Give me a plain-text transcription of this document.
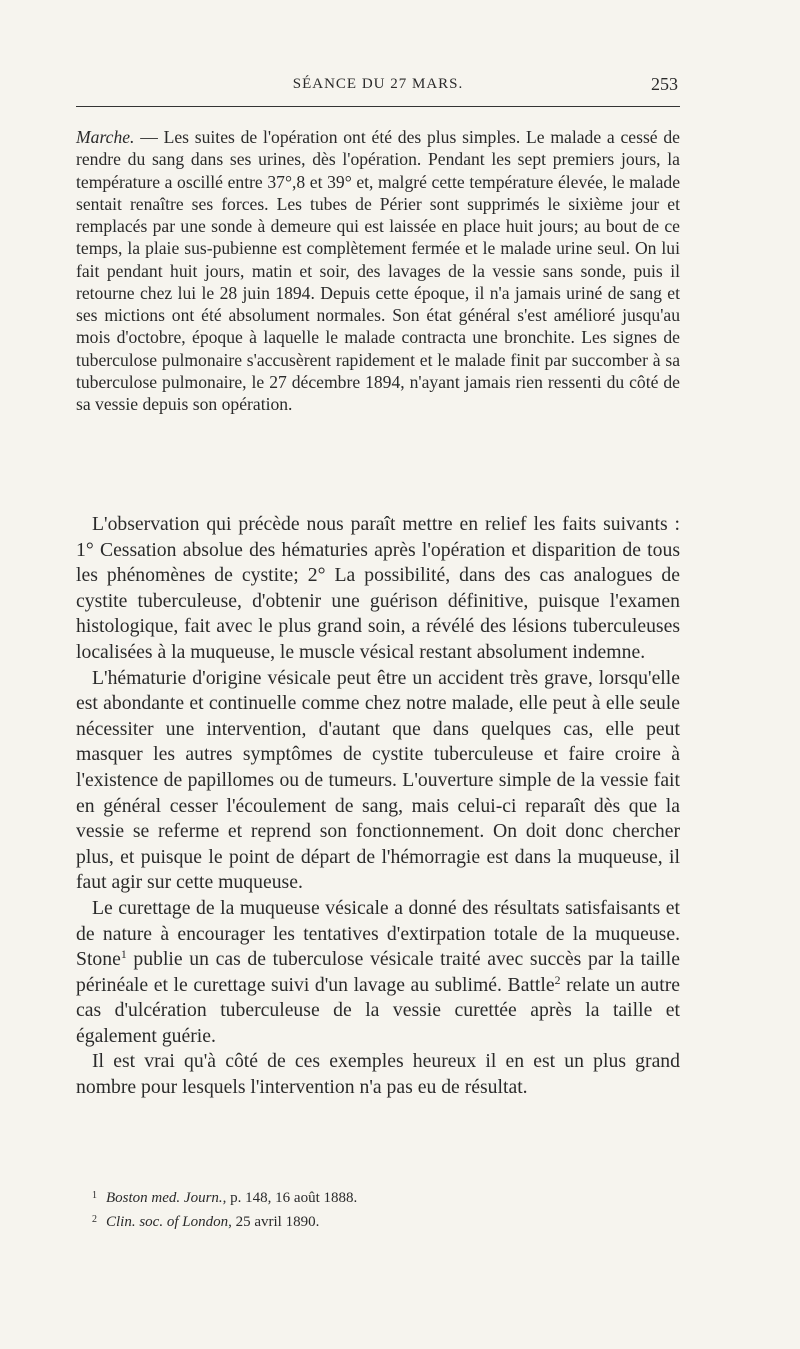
SÉANCE DU 27 MARS.	253

Marche. — Les suites de l'opération ont été des plus simples. Le malade a cessé de rendre du sang dans ses urines, dès l'opération. Pendant les sept premiers jours, la température a oscillé entre 37°,8 et 39° et, malgré cette température élevée, le malade sentait renaître ses forces. Les tubes de Périer sont supprimés le sixième jour et remplacés par une sonde à demeure qui est laissée en place huit jours; au bout de ce temps, la plaie sus-pubienne est complètement fermée et le malade urine seul. On lui fait pendant huit jours, matin et soir, des lavages de la vessie sans sonde, puis il retourne chez lui le 28 juin 1894. Depuis cette époque, il n'a jamais uriné de sang et ses mictions ont été absolument normales. Son état général s'est amélioré jusqu'au mois d'octobre, époque à laquelle le malade contracta une bronchite. Les signes de tuberculose pulmonaire s'accusèrent rapidement et le malade finit par succomber à sa tuberculose pulmonaire, le 27 décembre 1894, n'ayant jamais rien ressenti du côté de sa vessie depuis son opération.

L'observation qui précède nous paraît mettre en relief les faits suivants : 1° Cessation absolue des hématuries après l'opération et disparition de tous les phénomènes de cystite; 2° La possibilité, dans des cas analogues de cystite tuberculeuse, d'obtenir une guérison définitive, puisque l'examen histologique, fait avec le plus grand soin, a révélé des lésions tuberculeuses localisées à la muqueuse, le muscle vésical restant absolument indemne.

L'hématurie d'origine vésicale peut être un accident très grave, lorsqu'elle est abondante et continuelle comme chez notre malade, elle peut à elle seule nécessiter une intervention, d'autant que dans quelques cas, elle peut masquer les autres symptômes de cystite tuberculeuse et faire croire à l'existence de papillomes ou de tumeurs. L'ouverture simple de la vessie fait en général cesser l'écoulement de sang, mais celui-ci reparaît dès que la vessie se referme et reprend son fonctionnement. On doit donc chercher plus, et puisque le point de départ de l'hémorragie est dans la muqueuse, il faut agir sur cette muqueuse.

Le curettage de la muqueuse vésicale a donné des résultats satisfaisants et de nature à encourager les tentatives d'extirpation totale de la muqueuse. Stone$^1$ publie un cas de tuberculose vésicale traité avec succès par la taille périnéale et le curettage suivi d'un lavage au sublimé. Battle$^2$ relate un autre cas d'ulcération tuberculeuse de la vessie curettée après la taille et également guérie.

Il est vrai qu'à côté de ces exemples heureux il en est un plus grand nombre pour lesquels l'intervention n'a pas eu de résultat.

1 Boston med. Journ., p. 148, 16 août 1888.
2 Clin. soc. of London, 25 avril 1890.
